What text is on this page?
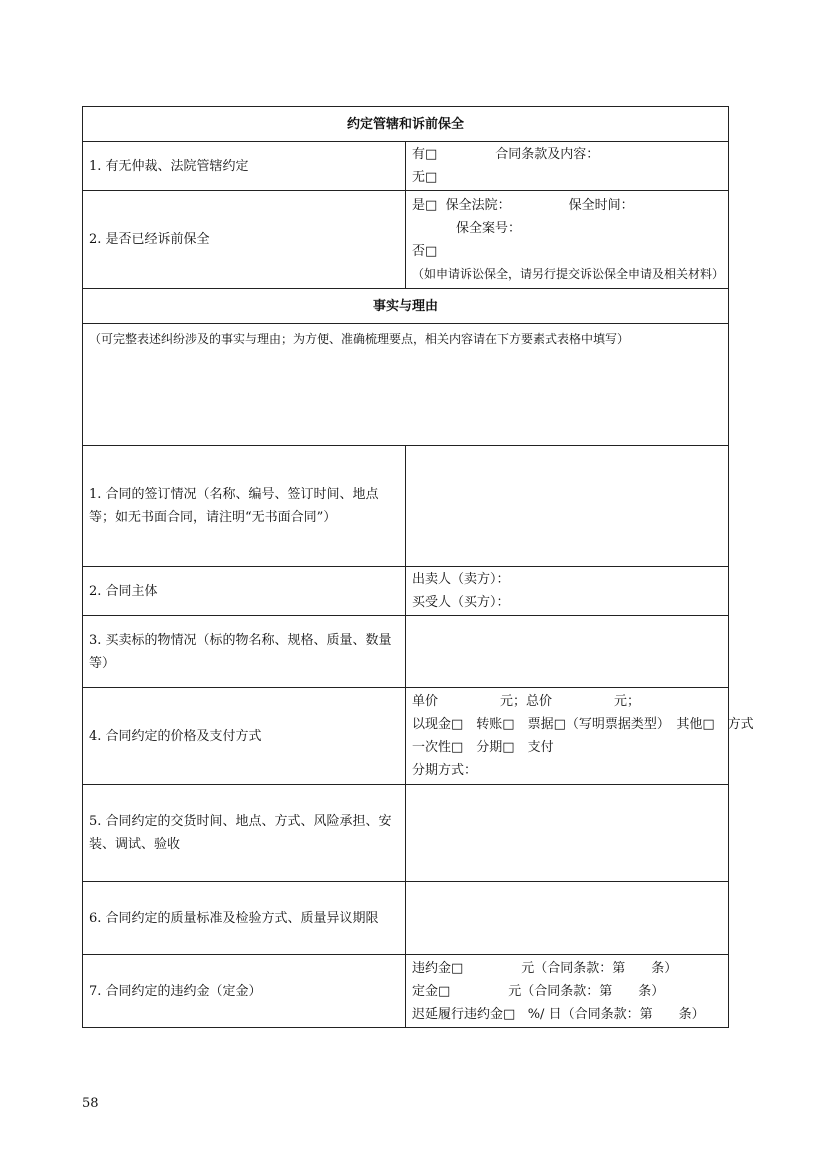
约定管辖和诉前保全	
1. 有无仲裁、法院管辖约定	有□ 合同条款及内容：
无□

2. 是否已经诉前保全	是□ 保全法院： 保全时间：
保全案号：
否□
（如申请诉讼保全，请另行提交诉讼保全申请及相关材料）

事实与理由	

（可完整表述纠纷涉及的事实与理由；为方便、准确梳理要点，相关内容请在下方要素式表格中填写）	

1. 合同的签订情况（名称、编号、签订时间、地点等；如无书面合同，请注明“无书面合同”）	
2. 合同主体	出卖人（卖方）：
买受人（买方）：

3. 买卖标的物情况（标的物名称、规格、质量、数量等）	
4. 合同约定的价格及支付方式	单价 元；总价 元；
以现金□　转账□　票据□（写明票据类型）　其他□　方式
一次性□　分期□　支付
分期方式：

5. 合同约定的交货时间、地点、方式、风险承担、安装、调试、验收	
6. 合同约定的质量标准及检验方式、质量异议期限	
7. 合同约定的违约金（定金）	违约金□ 元（合同条款：第　　条）
定金□ 元（合同条款：第　　条）
迟延履行违约金□ %/ 日（合同条款：第　　条）
58
